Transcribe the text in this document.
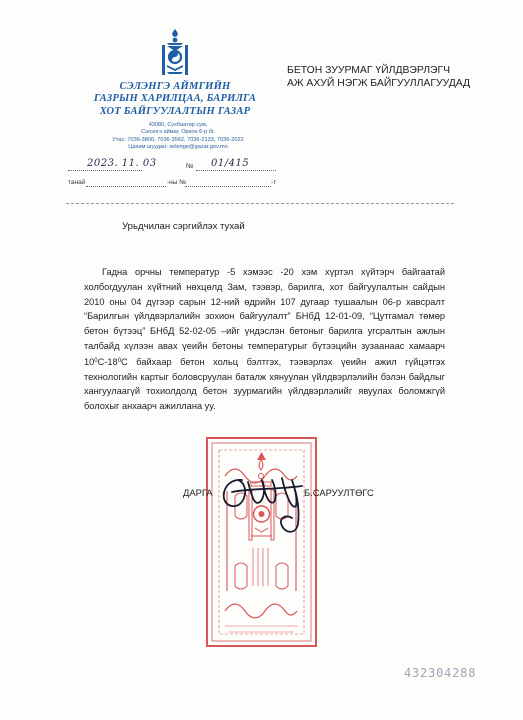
СЭЛЭНГЭ АЙМГИЙН
ГАЗРЫН ХАРИЛЦАА, БАРИЛГА
ХОТ БАЙГУУЛАЛТЫН ГАЗАР
43080, Сүхбаатар сум,
Сэлэнгэ аймаг, Орхон 6-р бг.
Утас: 7036-3800, 7036-3562, 7036-2133, 7036-2022
Цахим шуудан: selenge@gazar.gov.mn
2023. 11. 03	№ 01/415
танай	-ны №	-т
БЕТОН ЗУУРМАГ ҮЙЛДВЭРЛЭГЧ
АЖ АХУЙ НЭГЖ БАЙГУУЛЛАГУУДАД
Урьдчилан сэргийлэх тухай
Гадна орчны температур -5 хэмээс -20 хэм хүртэл хүйтэрч байгаатай холбогдуулан хүйтний нөхцөлд Зам, тээвэр, барилга, хот байгуулалтын сайдын 2010 оны 04 дүгээр сарын 12-ний өдрийн 107 дугаар тушаалын 06-р хавсралт “Барилгын үйлдвэрлэлийн зохион байгуулалт” БНбД 12-01-09, “Цутгамал төмөр бетон бүтээц” БНбД 52-02-05 –ийг үндэслэн бетоныг барилга угсралтын ажлын талбайд хүлээн авах үеийн бетоны температурыг бүтээцийн зузаанаас хамаарч $10^0C-18^0C$ байхаар бетон хольц бэлтгэх, тээвэрлэх үеийн ажил гүйцэтгэх технологийн картыг боловсруулан баталж хянуулан үйлдвэрлэлийн бэлэн байдлыг хангуулаагүй тохиолдолд бетон зуурмагийн үйлдвэрлэлийг явуулах боломжгүй болохыг анхаарч ажиллана уу.
ДАРГА	Б.САРУУЛТӨГС
432304288
